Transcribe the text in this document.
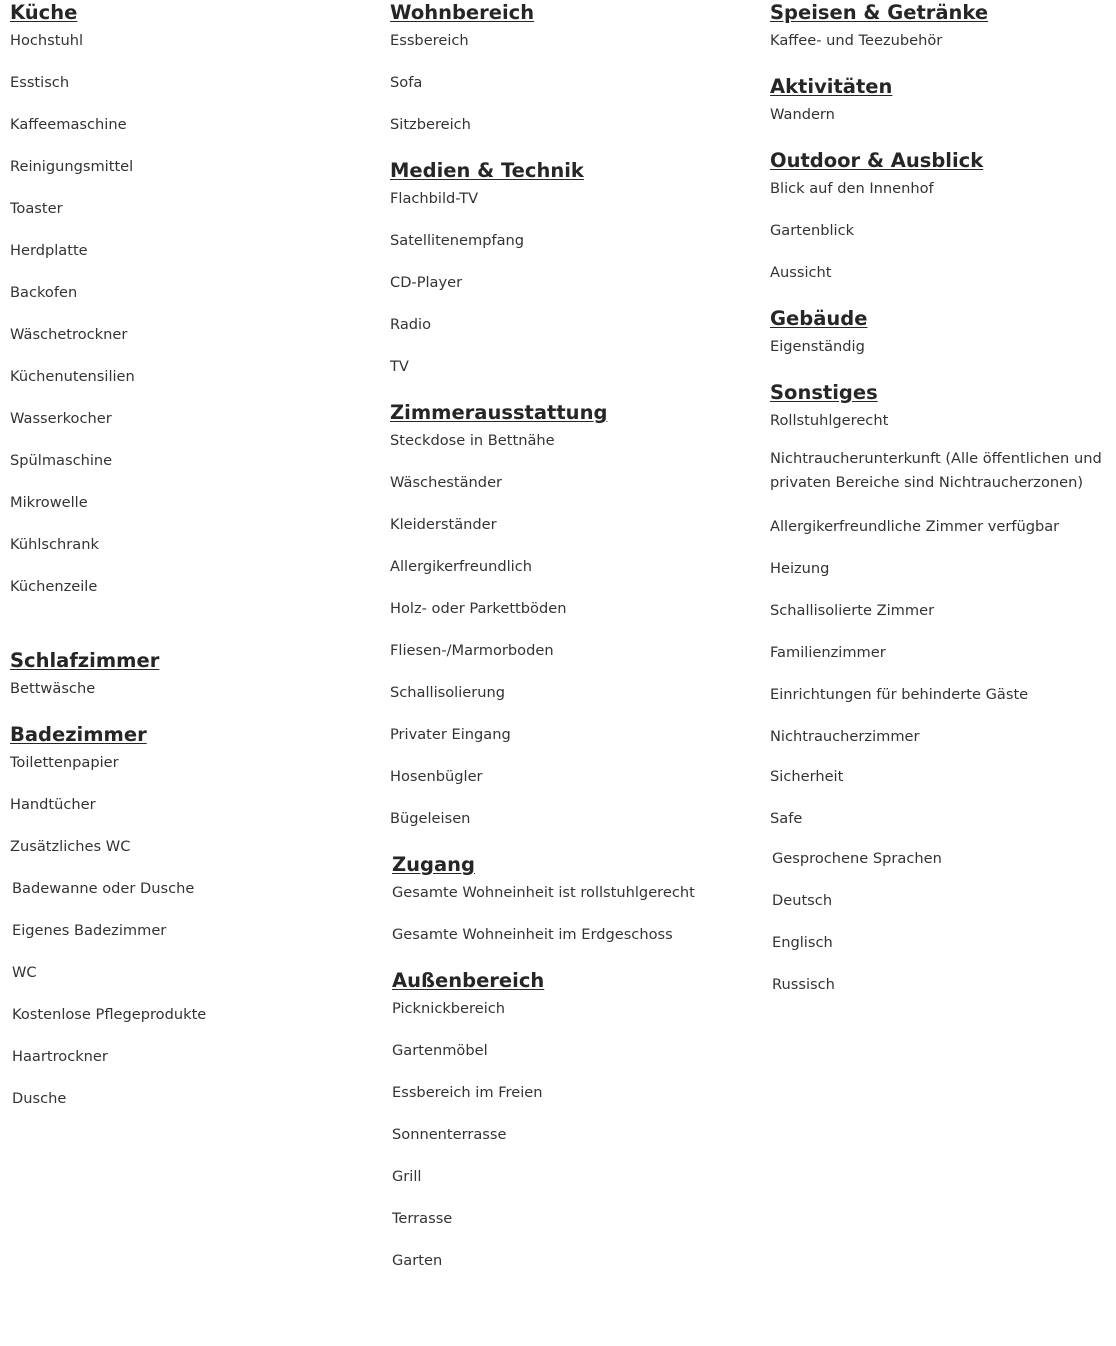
Küche
Hochstuhl
Esstisch
Kaffeemaschine
Reinigungsmittel
Toaster
Herdplatte
Backofen
Wäschetrockner
Küchenutensilien
Wasserkocher
Spülmaschine
Mikrowelle
Kühlschrank
Küchenzeile
Schlafzimmer
Bettwäsche
Badezimmer
Toilettenpapier
Handtücher
Zusätzliches WC
Badewanne oder Dusche
Eigenes Badezimmer
WC
Kostenlose Pflegeprodukte
Haartrockner
Dusche
Wohnbereich
Essbereich
Sofa
Sitzbereich
Medien & Technik
Flachbild-TV
Satellitenempfang
CD-Player
Radio
TV
Zimmerausstattung
Steckdose in Bettnähe
Wäscheständer
Kleiderständer
Allergikerfreundlich
Holz- oder Parkettböden
Fliesen-/Marmorboden
Schallisolierung
Privater Eingang
Hosenbügler
Bügeleisen
Zugang
Gesamte Wohneinheit ist rollstuhlgerecht
Gesamte Wohneinheit im Erdgeschoss
Außenbereich
Picknickbereich
Gartenmöbel
Essbereich im Freien
Sonnenterrasse
Grill
Terrasse
Garten
Speisen & Getränke
Kaffee- und Teezubehör
Aktivitäten
Wandern
Outdoor & Ausblick
Blick auf den Innenhof
Gartenblick
Aussicht
Gebäude
Eigenständig
Sonstiges
Rollstuhlgerecht
Nichtraucherunterkunft (Alle öffentlichen und privaten Bereiche sind Nichtraucherzonen)
Allergikerfreundliche Zimmer verfügbar
Heizung
Schallisolierte Zimmer
Familienzimmer
Einrichtungen für behinderte Gäste
Nichtraucherzimmer
Sicherheit
Safe
Gesprochene Sprachen
Deutsch
Englisch
Russisch
